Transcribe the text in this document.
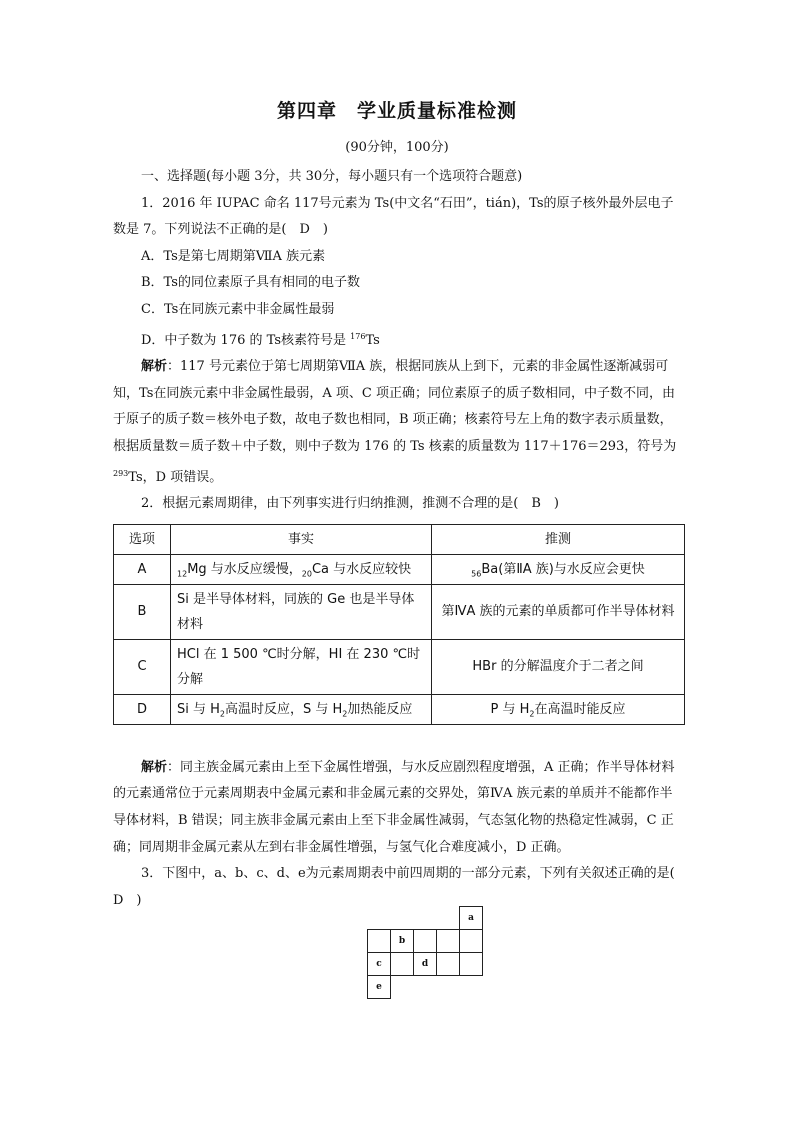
第四章　学业质量标准检测
(90分钟，100分)

一、选择题(每小题 3分，共 30分，每小题只有一个选项符合题意)

1．2016 年 IUPAC 命名 117号元素为 Ts(中文名“石田”，tián)，Ts的原子核外最外层电子数是 7。下列说法不正确的是(　D　)

A．Ts是第七周期第ⅦA 族元素

B．Ts的同位素原子具有相同的电子数

C．Ts在同族元素中非金属性最弱

D．中子数为 176 的 Ts核素符号是 $^{176}$Ts

解析：117 号元素位于第七周期第ⅦA 族，根据同族从上到下，元素的非金属性逐渐减弱可知，Ts在同族元素中非金属性最弱，A 项、C 项正确；同位素原子的质子数相同，中子数不同，由于原子的质子数＝核外电子数，故电子数也相同，B 项正确；核素符号左上角的数字表示质量数，根据质量数＝质子数＋中子数，则中子数为 176 的 Ts 核素的质量数为 117＋176＝293，符号为 $^{293}$Ts，D 项错误。

2．根据元素周期律，由下列事实进行归纳推测，推测不合理的是(　B　)

选项	事实	推测
A	$_{12}$Mg 与水反应缓慢，$_{20}$Ca 与水反应较快	$_{56}$Ba(第ⅡA 族)与水反应会更快
B	Si 是半导体材料，同族的 Ge 也是半导体材料	第ⅣA 族的元素的单质都可作半导体材料
C	HCl 在 1 500 ℃时分解，HI 在 230 ℃时分解	HBr 的分解温度介于二者之间
D	Si 与 $H_2$高温时反应，S 与 $H_2$加热能反应	P 与 $H_2$在高温时能反应

解析：同主族金属元素由上至下金属性增强，与水反应剧烈程度增强，A 正确；作半导体材料的元素通常位于元素周期表中金属元素和非金属元素的交界处，第ⅣA 族元素的单质并不能都作半导体材料，B 错误；同主族非金属元素由上至下非金属性减弱，气态氢化物的热稳定性减弱，C 正确；同周期非金属元素从左到右非金属性增强，与氢气化合难度减小，D 正确。

3．下图中，a、b、c、d、e为元素周期表中前四周期的一部分元素，下列有关叙述正确的是(　D　)

				a
	b			
c		d		
e				
